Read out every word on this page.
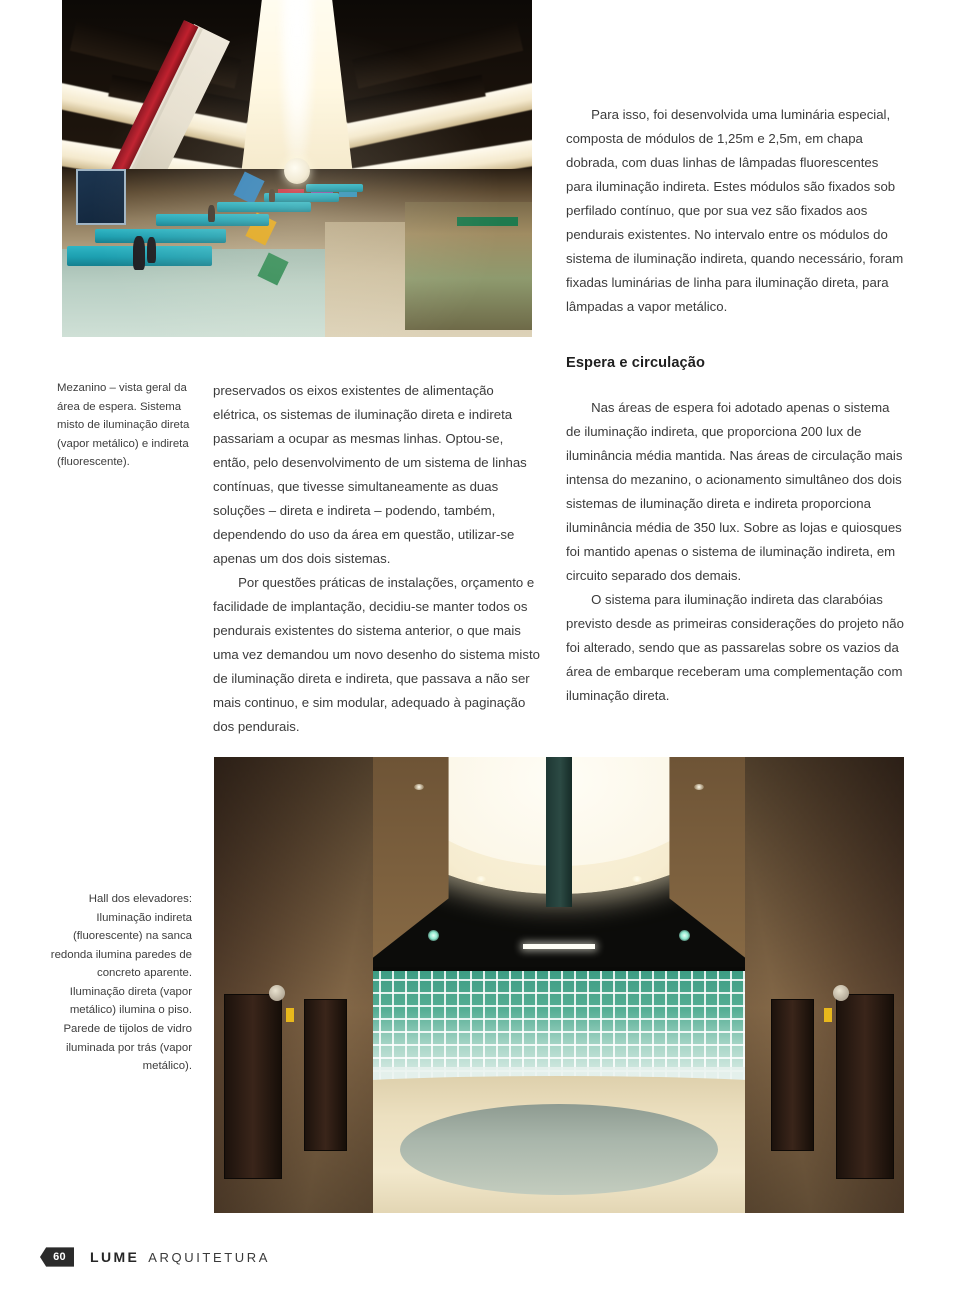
Para isso, foi desenvolvida uma luminária especial, composta de módulos de 1,25m e 2,5m, em chapa dobrada, com duas linhas de lâmpadas fluorescentes para iluminação indireta. Estes módulos são fixados sob perfilado contínuo, que por sua vez são fixados aos pendurais existentes. No intervalo entre os módulos do sistema de iluminação indireta, quando necessário, foram fixadas luminárias de linha para iluminação direta, para lâmpadas a vapor metálico.

Mezanino – vista geral da área de espera. Sistema misto de iluminação direta (vapor metálico) e indireta (fluorescente).

preservados os eixos existentes de alimentação elétrica, os sistemas de iluminação direta e indireta passariam a ocupar as mesmas linhas. Optou-se, então, pelo desenvolvimento de um sistema de linhas contínuas, que tivesse simultaneamente as duas soluções – direta e indireta – podendo, também, dependendo do uso da área em questão, utilizar-se apenas um dos dois sistemas.

Por questões práticas de instalações, orçamento e facilidade de implantação, decidiu-se manter todos os pendurais existentes do sistema anterior, o que mais uma vez demandou um novo desenho do sistema misto de iluminação direta e indireta, que passava a não ser mais continuo, e sim modular, adequado à paginação dos pendurais.

Espera e circulação

Nas áreas de espera foi adotado apenas o sistema de iluminação indireta, que proporciona 200 lux de iluminância média mantida. Nas áreas de circulação mais intensa do mezanino, o acionamento simultâneo dos dois sistemas de iluminação direta e indireta proporciona iluminância média de 350 lux. Sobre as lojas e quiosques foi mantido apenas o sistema de iluminação indireta, em circuito separado dos demais.

O sistema para iluminação indireta das clarabóias previsto desde as primeiras considerações do projeto não foi alterado, sendo que as passarelas sobre os vazios da área de embarque receberam uma complementação com iluminação direta.

Hall dos elevadores: Iluminação indireta (fluorescente) na sanca redonda ilumina paredes de concreto aparente. Iluminação direta (vapor metálico) ilumina o piso. Parede de tijolos de vidro iluminada por trás (vapor metálico).
60 LUME ARQUITETURA
